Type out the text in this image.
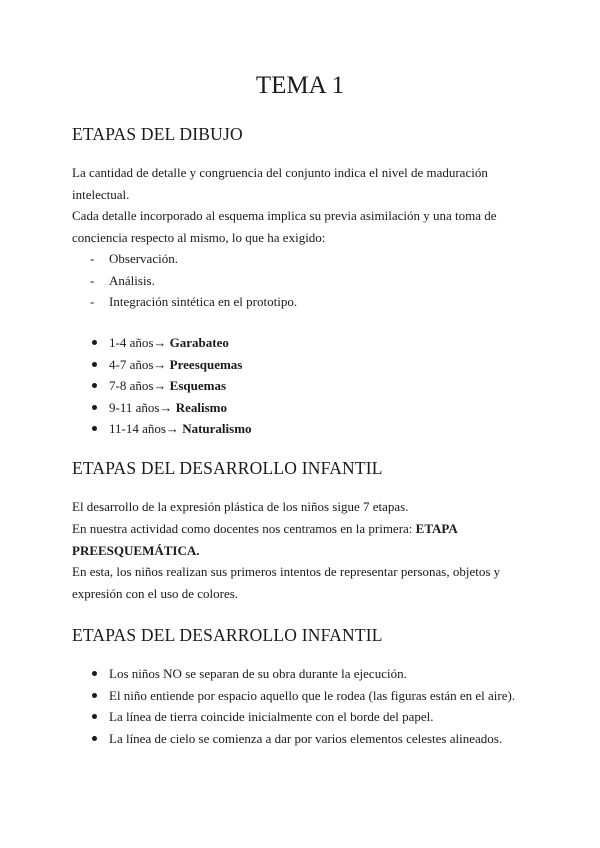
TEMA 1
ETAPAS DEL DIBUJO

La cantidad de detalle y congruencia del conjunto indica el nivel de maduración intelectual.

Cada detalle incorporado al esquema implica su previa asimilación y una toma de conciencia respecto al mismo, lo que ha exigido:

- Observación.
- Análisis.
- Integración sintética en el prototipo.
1-4 años→ Garabateo
4-7 años→ Preesquemas
7-8 años→ Esquemas
9-11 años→ Realismo
11-14 años→ Naturalismo
ETAPAS DEL DESARROLLO INFANTIL

El desarrollo de la expresión plástica de los niños sigue 7 etapas.

En nuestra actividad como docentes nos centramos en la primera: ETAPA PREESQUEMÁTICA.

En esta, los niños realizan sus primeros intentos de representar personas, objetos y expresión con el uso de colores.

ETAPAS DEL DESARROLLO INFANTIL
Los niños NO se separan de su obra durante la ejecución.
El niño entiende por espacio aquello que le rodea (las figuras están en el aire).
La línea de tierra coincide inicialmente con el borde del papel.
La línea de cielo se comienza a dar por varios elementos celestes alineados.
